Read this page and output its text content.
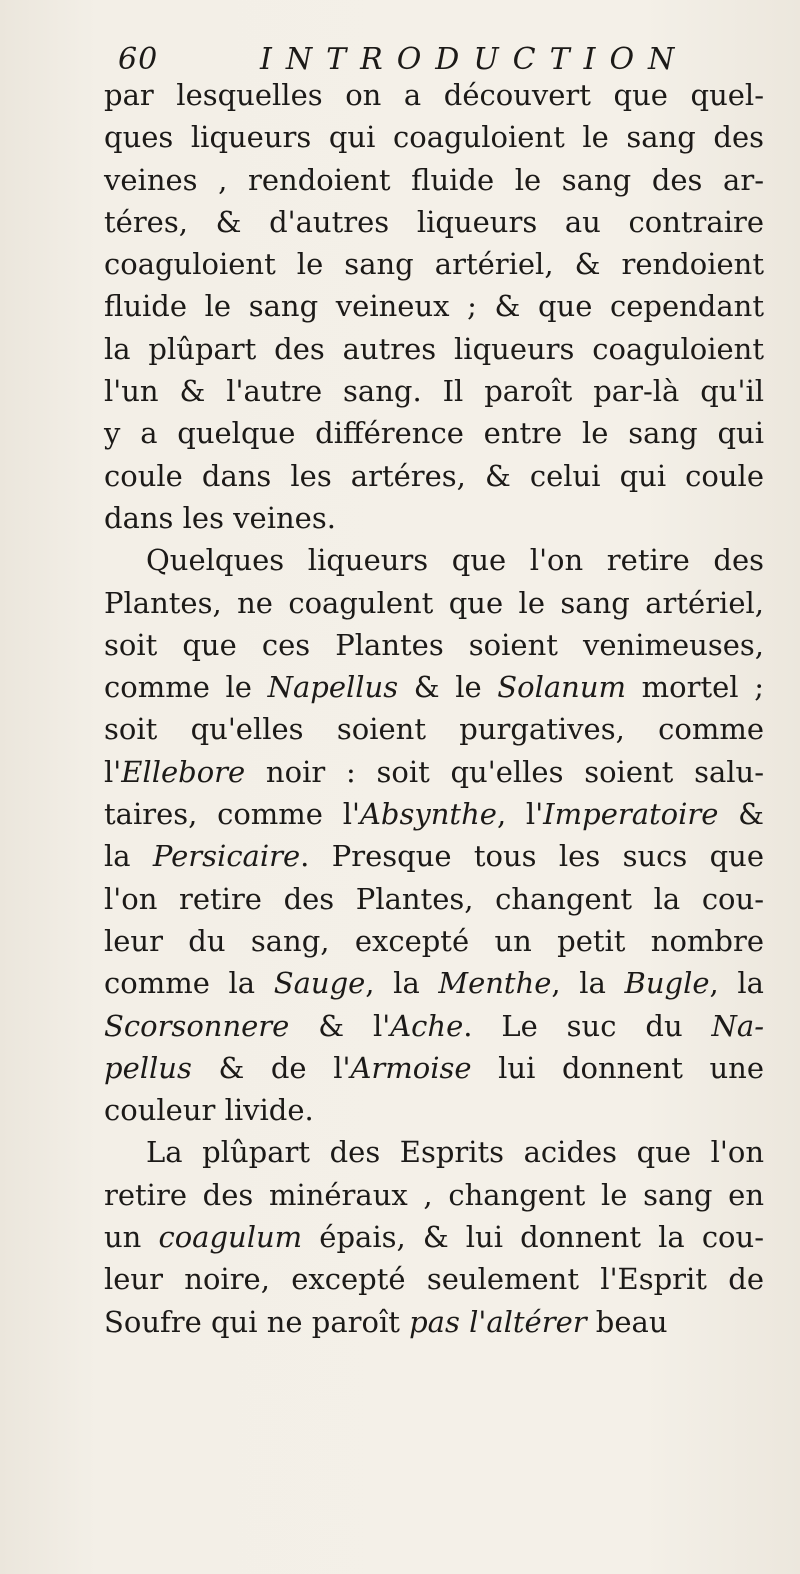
60	INTRODUCTION
par lesquelles on a découvert que quel-
ques liqueurs qui coaguloient le sang des
veines , rendoient fluide le sang des ar-
téres, & d'autres liqueurs au contraire
coaguloient le sang artériel, & rendoient
fluide le sang veineux ; & que cependant
la plûpart des autres liqueurs coaguloient
l'un & l'autre sang. Il paroît par-là qu'il
y a quelque différence entre le sang qui
coule dans les artéres, & celui qui coule
dans les veines.
Quelques liqueurs que l'on retire des
Plantes, ne coagulent que le sang artériel,
soit que ces Plantes soient venimeuses,
comme le Napellus & le Solanum mortel ;
soit qu'elles soient purgatives, comme
l'Ellebore noir : soit qu'elles soient salu-
taires, comme l'Absynthe, l'Imperatoire &
la Persicaire. Presque tous les sucs que
l'on retire des Plantes, changent la cou-
leur du sang, excepté un petit nombre
comme la Sauge, la Menthe, la Bugle, la
Scorsonnere & l'Ache. Le suc du Na-
pellus & de l'Armoise lui donnent une
couleur livide.
La plûpart des Esprits acides que l'on
retire des minéraux , changent le sang en
un coagulum épais, & lui donnent la cou-
leur noire, excepté seulement l'Esprit de
Soufre qui ne paroît pas l'altérer beau
